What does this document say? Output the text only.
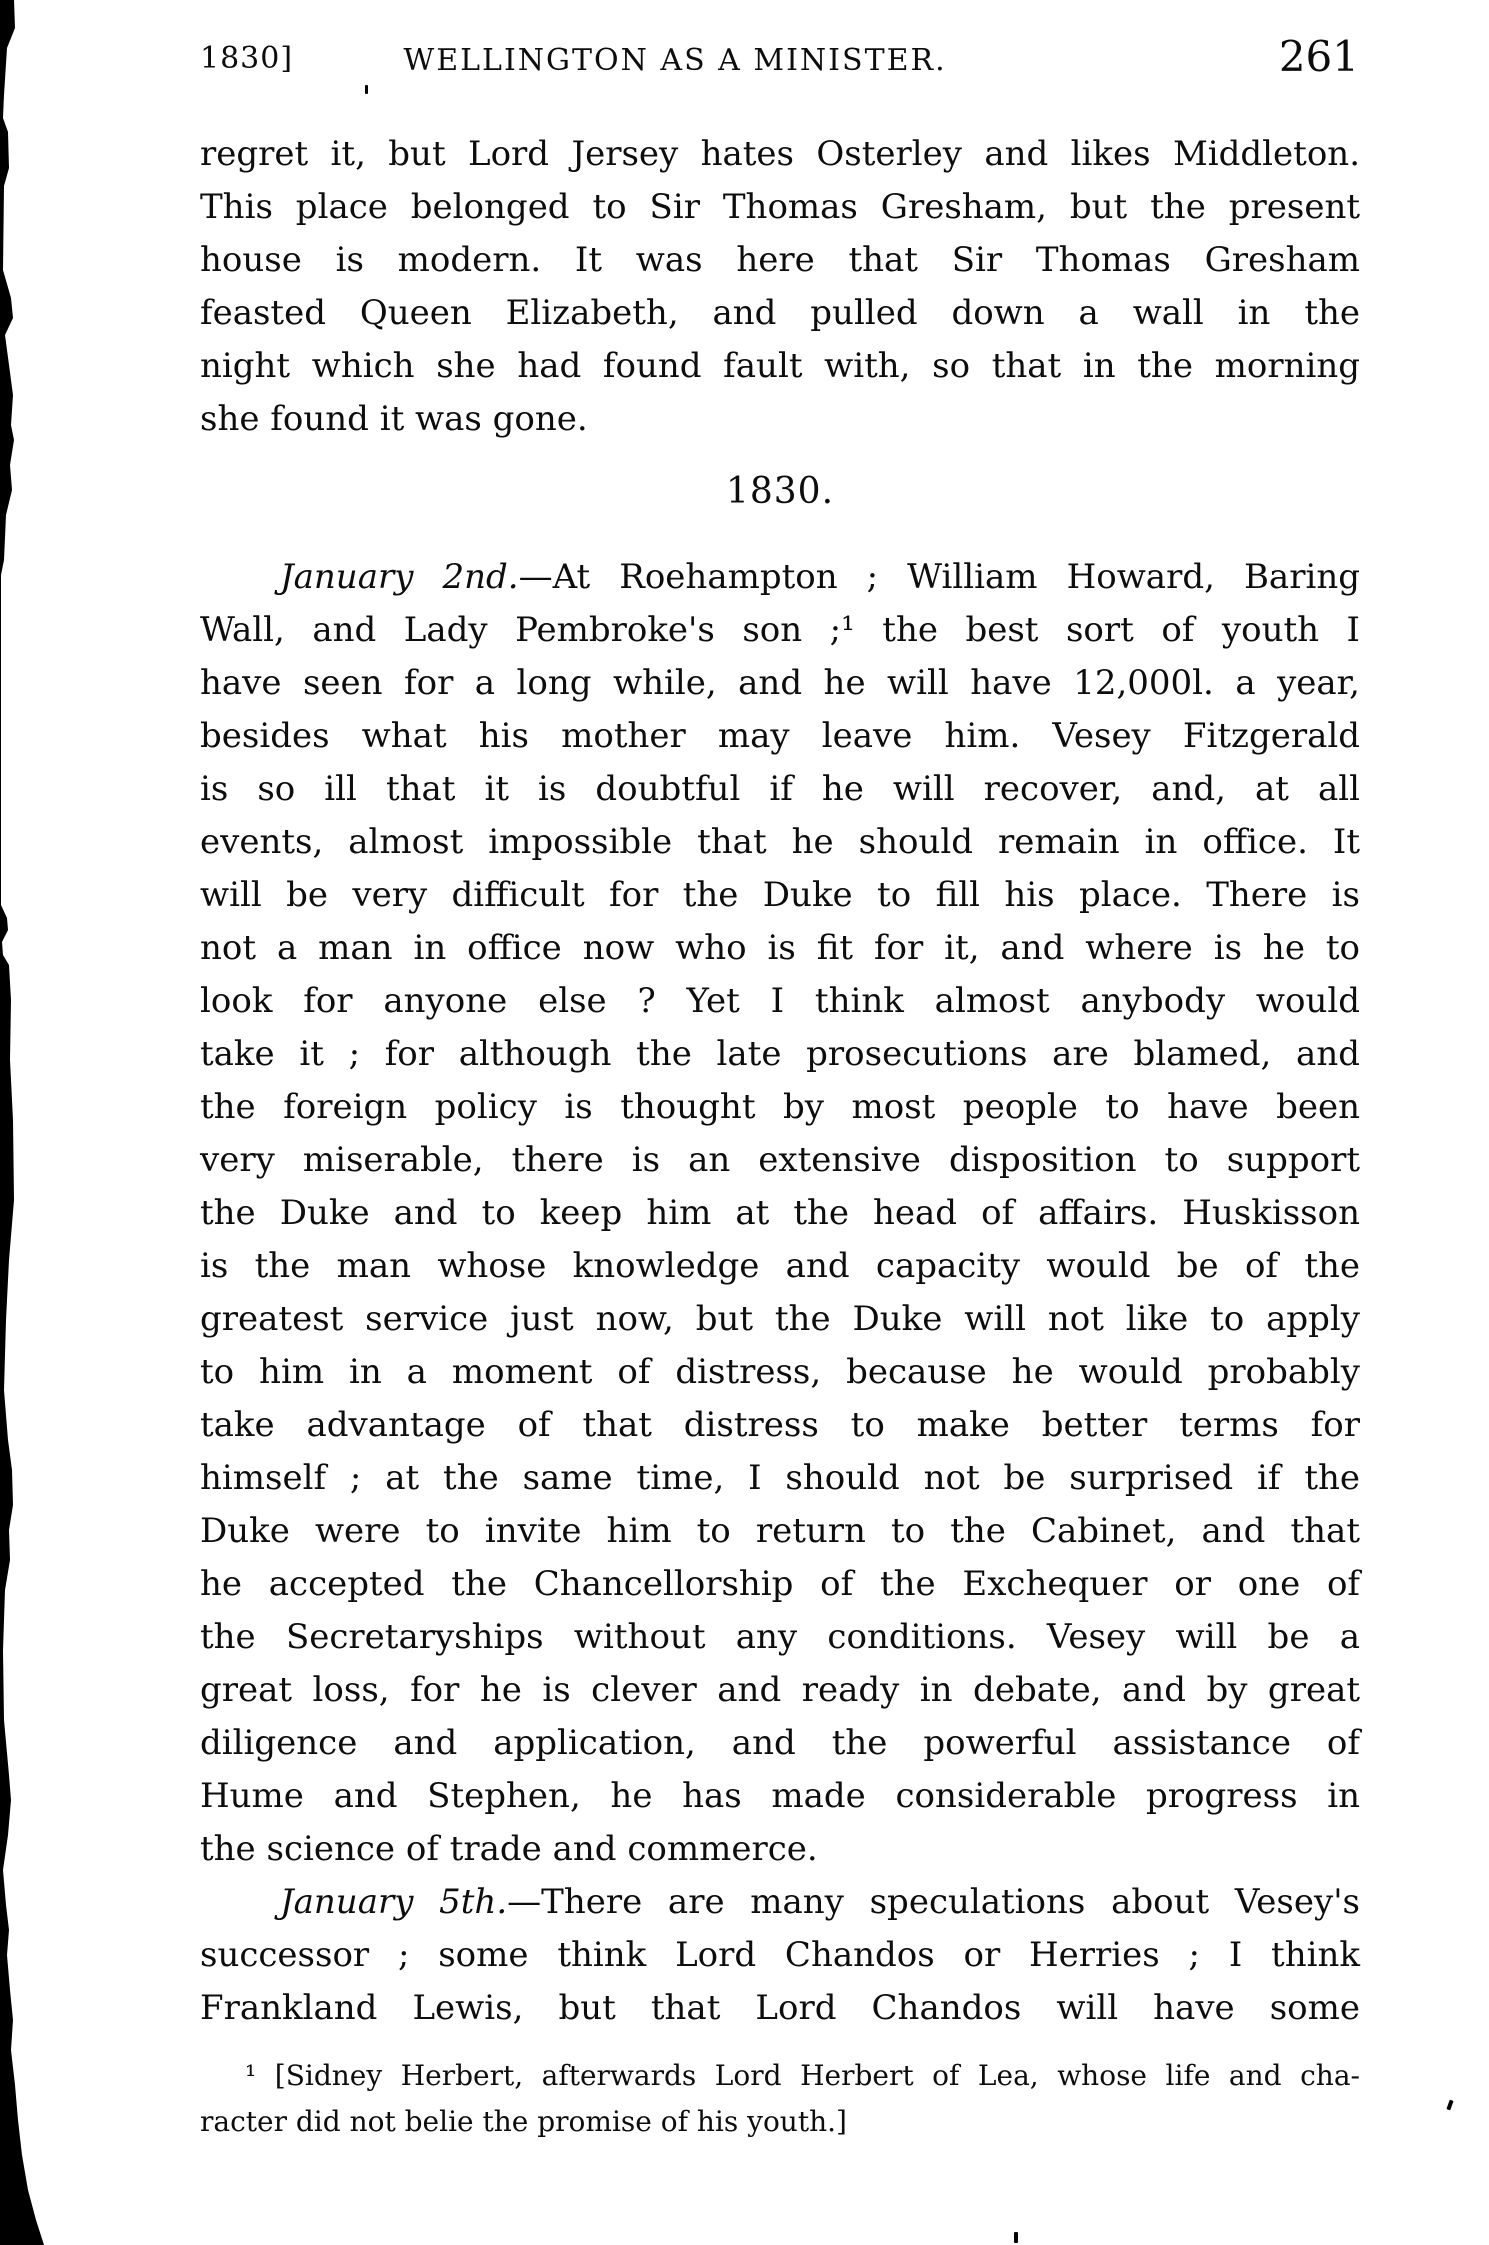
1830]	WELLINGTON AS A MINISTER.	261
regret it, but Lord Jersey hates Osterley and likes Middleton.
This place belonged to Sir Thomas Gresham, but the present
house is modern. It was here that Sir Thomas Gresham
feasted Queen Elizabeth, and pulled down a wall in the
night which she had found fault with, so that in the morning
she found it was gone.
1830.
January 2nd.—At Roehampton ; William Howard, Baring
Wall, and Lady Pembroke's son ;¹ the best sort of youth I
have seen for a long while, and he will have 12,000l. a year,
besides what his mother may leave him. Vesey Fitzgerald
is so ill that it is doubtful if he will recover, and, at all
events, almost impossible that he should remain in office. It
will be very difficult for the Duke to fill his place. There is
not a man in office now who is fit for it, and where is he to
look for anyone else ? Yet I think almost anybody would
take it ; for although the late prosecutions are blamed, and
the foreign policy is thought by most people to have been
very miserable, there is an extensive disposition to support
the Duke and to keep him at the head of affairs. Huskisson
is the man whose knowledge and capacity would be of the
greatest service just now, but the Duke will not like to apply
to him in a moment of distress, because he would probably
take advantage of that distress to make better terms for
himself ; at the same time, I should not be surprised if the
Duke were to invite him to return to the Cabinet, and that
he accepted the Chancellorship of the Exchequer or one of
the Secretaryships without any conditions. Vesey will be a
great loss, for he is clever and ready in debate, and by great
diligence and application, and the powerful assistance of
Hume and Stephen, he has made considerable progress in
the science of trade and commerce.
January 5th.—There are many speculations about Vesey's
successor ; some think Lord Chandos or Herries ; I think
Frankland Lewis, but that Lord Chandos will have some
¹ [Sidney Herbert, afterwards Lord Herbert of Lea, whose life and cha-
racter did not belie the promise of his youth.]
